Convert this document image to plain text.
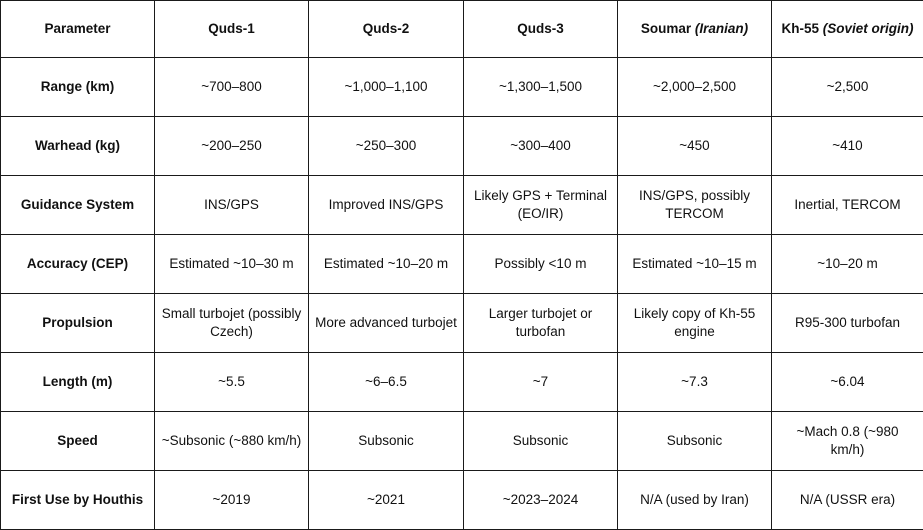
Parameter	Quds-1	Quds-2	Quds-3	Soumar (Iranian)	Kh-55 (Soviet origin)
Range (km)	~700–800	~1,000–1,100	~1,300–1,500	~2,000–2,500	~2,500
Warhead (kg)	~200–250	~250–300	~300–400	~450	~410
Guidance System	INS/GPS	Improved INS/GPS	Likely GPS + Terminal (EO/IR)	INS/GPS, possibly TERCOM	Inertial, TERCOM
Accuracy (CEP)	Estimated ~10–30 m	Estimated ~10–20 m	Possibly <10 m	Estimated ~10–15 m	~10–20 m
Propulsion	Small turbojet (possibly Czech)	More advanced turbojet	Larger turbojet or turbofan	Likely copy of Kh-55 engine	R95-300 turbofan
Length (m)	~5.5	~6–6.5	~7	~7.3	~6.04
Speed	~Subsonic (~880 km/h)	Subsonic	Subsonic	Subsonic	~Mach 0.8 (~980 km/h)
First Use by Houthis	~2019	~2021	~2023–2024	N/A (used by Iran)	N/A (USSR era)
